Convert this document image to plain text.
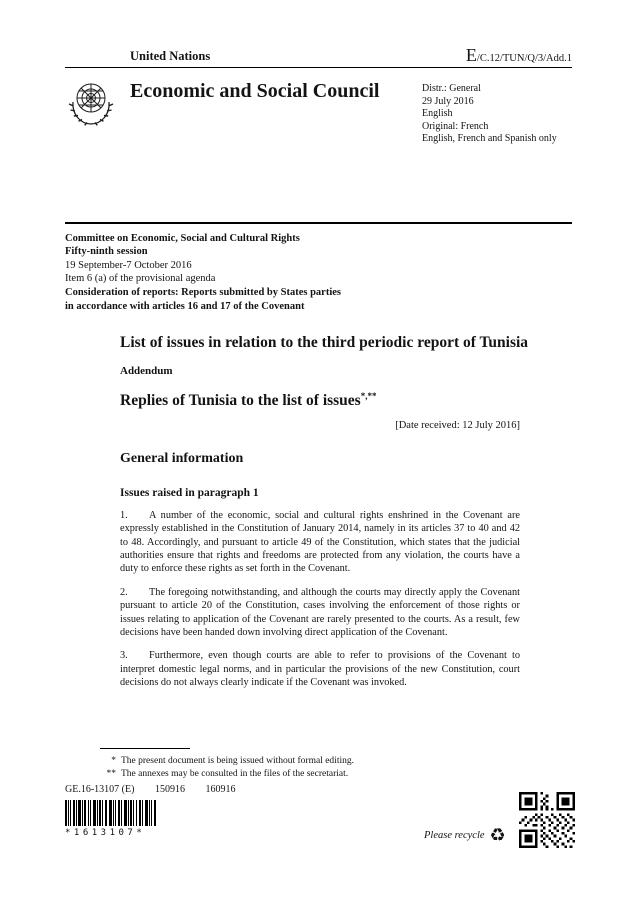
United Nations	E/C.12/TUN/Q/3/Add.1
Economic and Social Council	Distr.: General
29 July 2016
English
Original: French
English, French and Spanish only
Committee on Economic, Social and Cultural Rights
Fifty-ninth session
19 September-7 October 2016
Item 6 (a) of the provisional agenda
Consideration of reports: Reports submitted by States parties
in accordance with articles 16 and 17 of the Covenant
List of issues in relation to the third periodic report of Tunisia
Addendum
Replies of Tunisia to the list of issues*,**
[Date received: 12 July 2016]
General information
Issues raised in paragraph 1

1. A number of the economic, social and cultural rights enshrined in the Covenant are expressly established in the Constitution of January 2014, namely in its articles 37 to 40 and 42 to 48. Accordingly, and pursuant to article 49 of the Constitution, which states that the judicial authorities ensure that rights and freedoms are protected from any violation, the courts have a duty to enforce these rights as set forth in the Covenant.

2. The foregoing notwithstanding, and although the courts may directly apply the Covenant pursuant to article 20 of the Constitution, cases involving the enforcement of those rights or issues relating to application of the Covenant are rarely presented to the courts. As a result, few decisions have been handed down involving direct application of the Covenant.

3. Furthermore, even though courts are able to refer to provisions of the Covenant to interpret domestic legal norms, and in particular the provisions of the new Constitution, court decisions do not always clearly indicate if the Covenant was invoked.

* The present document is being issued without formal editing.
** The annexes may be consulted in the files of the secretariat.
GE.16-13107 (E) 150916 160916
*1613107*	Please recycle ♻
